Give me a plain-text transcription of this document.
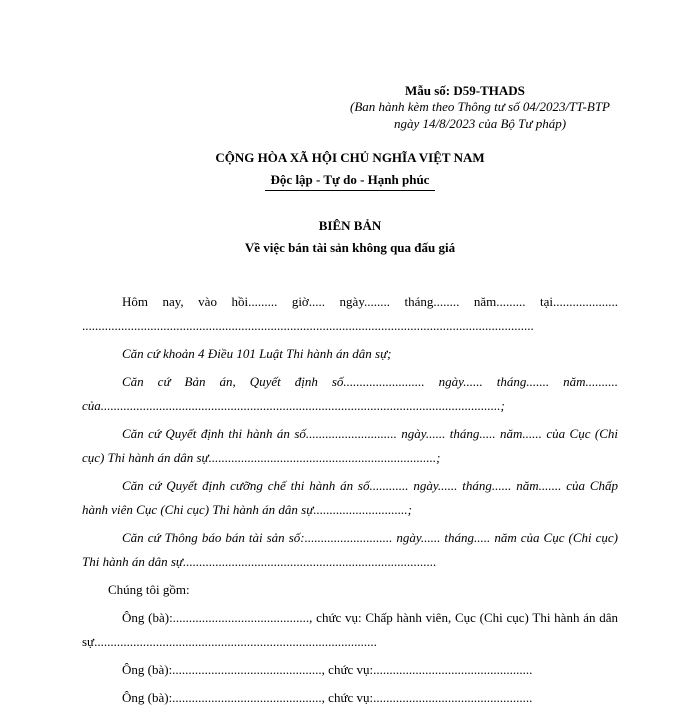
Mẫu số: D59-THADS
(Ban hành kèm theo Thông tư số 04/2023/TT-BTP
ngày 14/8/2023 của Bộ Tư pháp)
CỘNG HÒA XÃ HỘI CHỦ NGHĨA VIỆT NAM
Độc lập - Tự do - Hạnh phúc
BIÊN BẢN
Về việc bán tài sản không qua đấu giá

Hôm nay, vào hồi......... giờ..... ngày........ tháng........ năm......... tại.................... ...........................................................................................................................................

Căn cứ khoản 4 Điều 101 Luật Thi hành án dân sự;

Căn cứ Bản án, Quyết định số......................... ngày...... tháng....... năm.......... của...........................................................................................................................;

Căn cứ Quyết định thi hành án số............................ ngày...... tháng..... năm...... của Cục (Chi cục) Thi hành án dân sự......................................................................;

Căn cứ Quyết định cưỡng chế thi hành án số............ ngày...... tháng...... năm....... của Chấp hành viên Cục (Chi cục) Thi hành án dân sự.............................;

Căn cứ Thông báo bán tài sản số:........................... ngày...... tháng..... năm của Cục (Chi cục) Thi hành án dân sự..............................................................................

Chúng tôi gồm:

Ông (bà):.........................................., chức vụ: Chấp hành viên, Cục (Chi cục) Thi hành án dân sự.......................................................................................

Ông (bà):.............................................., chức vụ:.................................................

Ông (bà):.............................................., chức vụ:.................................................
